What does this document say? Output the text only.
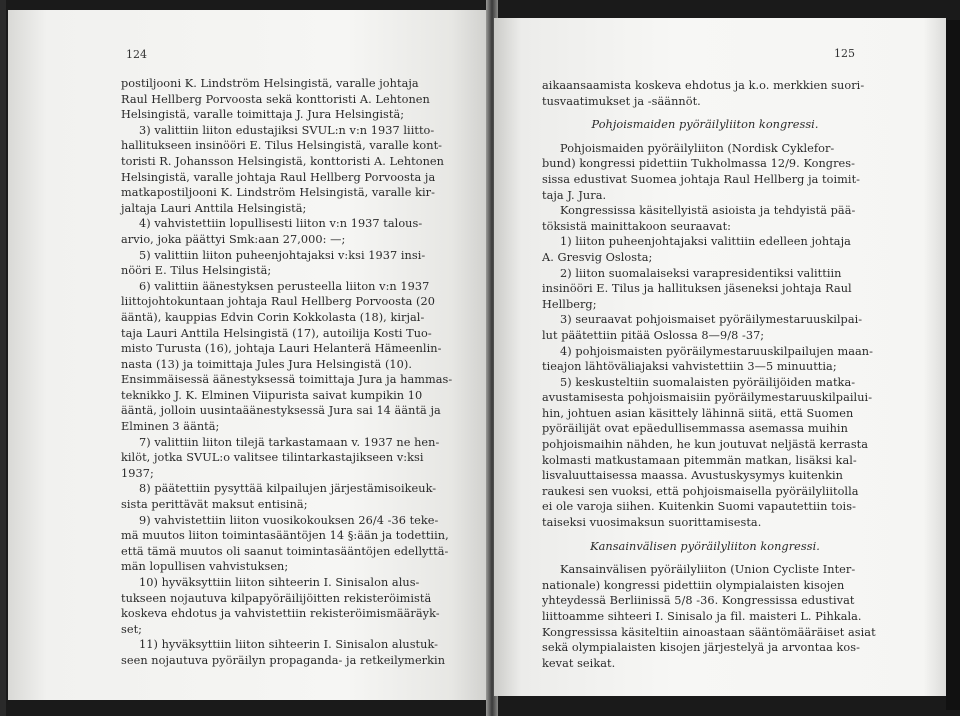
124
postiljooni K. Lindström Helsingistä, varalle johtaja
Raul Hellberg Porvoosta sekä konttoristi A. Lehtonen
Helsingistä, varalle toimittaja J. Jura Helsingistä;
3) valittiin liiton edustajiksi SVUL:n v:n 1937 liitto-
hallitukseen insinööri E. Tilus Helsingistä, varalle kont-
toristi R. Johansson Helsingistä, konttoristi A. Lehtonen
Helsingistä, varalle johtaja Raul Hellberg Porvoosta ja
matkapostiljooni K. Lindström Helsingistä, varalle kir-
jaltaja Lauri Anttila Helsingistä;
4) vahvistettiin lopullisesti liiton v:n 1937 talous-
arvio, joka päättyi Smk:aan 27,000: —;
5) valittiin liiton puheenjohtajaksi v:ksi 1937 insi-
nööri E. Tilus Helsingistä;
6) valittiin äänestyksen perusteella liiton v:n 1937
liittojohtokuntaan johtaja Raul Hellberg Porvoosta (20
ääntä), kauppias Edvin Corin Kokkolasta (18), kirjal-
taja Lauri Anttila Helsingistä (17), autoilija Kosti Tuo-
misto Turusta (16), johtaja Lauri Helanterä Hämeenlin-
nasta (13) ja toimittaja Jules Jura Helsingistä (10).
Ensimmäisessä äänestyksessä toimittaja Jura ja hammas-
teknikko J. K. Elminen Viipurista saivat kumpikin 10
ääntä, jolloin uusintaäänestyksessä Jura sai 14 ääntä ja
Elminen 3 ääntä;
7) valittiin liiton tilejä tarkastamaan v. 1937 ne hen-
kilöt, jotka SVUL:o valitsee tilintarkastajikseen v:ksi
1937;
8) päätettiin pysyttää kilpailujen järjestämisoikeuk-
sista perittävät maksut entisinä;
9) vahvistettiin liiton vuosikokouksen 26/4 -36 teke-
mä muutos liiton toimintasääntöjen 14 §:ään ja todettiin,
että tämä muutos oli saanut toimintasääntöjen edellyttä-
män lopullisen vahvistuksen;
10) hyväksyttiin liiton sihteerin I. Sinisalon alus-
tukseen nojautuva kilpapyöräilijöitten rekisteröimistä
koskeva ehdotus ja vahvistettiin rekisteröimismääräyk-
set;
11) hyväksyttiin liiton sihteerin I. Sinisalon alustuk-
seen nojautuva pyöräilyn propaganda- ja retkeilymerkin
125
aikaansaamista koskeva ehdotus ja k.o. merkkien suori-
tusvaatimukset ja -säännöt.
Pohjoismaiden pyöräilyliiton kongressi.
Pohjoismaiden pyöräilyliiton (Nordisk Cyklefor-
bund) kongressi pidettiin Tukholmassa 12/9. Kongres-
sissa edustivat Suomea johtaja Raul Hellberg ja toimit-
taja J. Jura.
Kongressissa käsitellyistä asioista ja tehdyistä pää-
töksistä mainittakoon seuraavat:
1) liiton puheenjohtajaksi valittiin edelleen johtaja
A. Gresvig Oslosta;
2) liiton suomalaiseksi varapresidentiksi valittiin
insinööri E. Tilus ja hallituksen jäseneksi johtaja Raul
Hellberg;
3) seuraavat pohjoismaiset pyöräilymestaruuskilpai-
lut päätettiin pitää Oslossa 8—9/8 -37;
4) pohjoismaisten pyöräilymestaruuskilpailujen maan-
tieajon lähtöväliajaksi vahvistettiin 3—5 minuuttia;
5) keskusteltiin suomalaisten pyöräilijöiden matka-
avustamisesta pohjoismaisiin pyöräilymestaruuskilpailui-
hin, johtuen asian käsittely lähinnä siitä, että Suomen
pyöräilijät ovat epäedullisemmassa asemassa muihin
pohjoismaihin nähden, he kun joutuvat neljästä kerrasta
kolmasti matkustamaan pitemmän matkan, lisäksi kal-
lisvaluuttaisessa maassa. Avustuskysymys kuitenkin
raukesi sen vuoksi, että pohjoismaisella pyöräilyliitolla
ei ole varoja siihen. Kuitenkin Suomi vapautettiin tois-
taiseksi vuosimaksun suorittamisesta.
Kansainvälisen pyöräilyliiton kongressi.
Kansainvälisen pyöräilyliiton (Union Cycliste Inter-
nationale) kongressi pidettiin olympialaisten kisojen
yhteydessä Berliinissä 5/8 -36. Kongressissa edustivat
liittoamme sihteeri I. Sinisalo ja fil. maisteri L. Pihkala.
Kongressissa käsiteltiin ainoastaan sääntömääräiset asiat
sekä olympialaisten kisojen järjestelyä ja arvontaa kos-
kevat seikat.
